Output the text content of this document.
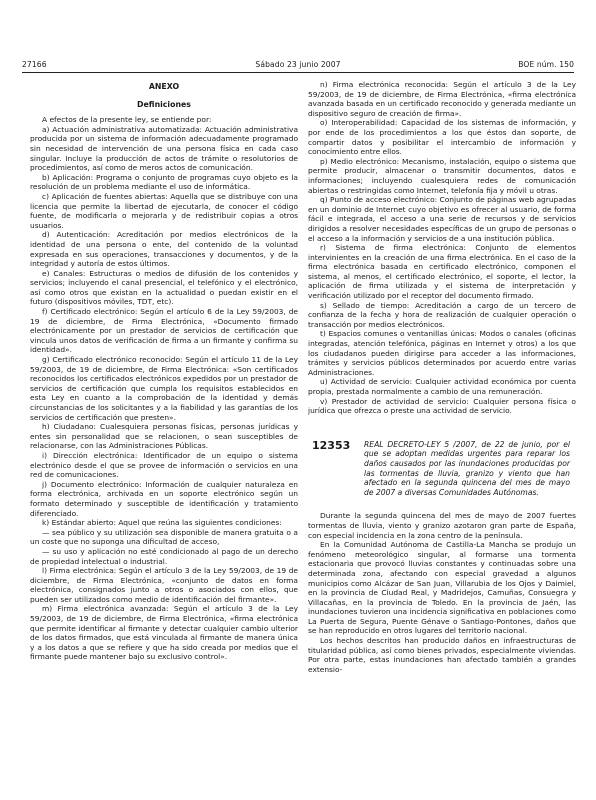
27166	Sábado 23 junio 2007	BOE núm. 150

ANEXO

Definiciones

A efectos de la presente ley, se entiende por:

a) Actuación administrativa automatizada: Actuación administrativa producida por un sistema de información adecuadamente programado sin necesidad de intervención de una persona física en cada caso singular. Incluye la producción de actos de trámite o resolutorios de procedimientos, así como de meros actos de comunicación.

b) Aplicación: Programa o conjunto de programas cuyo objeto es la resolución de un problema mediante el uso de informática.

c) Aplicación de fuentes abiertas: Aquella que se distribuye con una licencia que permite la libertad de ejecutarla, de conocer el código fuente, de modificarla o mejorarla y de redistribuir copias a otros usuarios.

d) Autenticación: Acreditación por medios electrónicos de la identidad de una persona o ente, del contenido de la voluntad expresada en sus operaciones, transacciones y documentos, y de la integridad y autoría de estos últimos.

e) Canales: Estructuras o medios de difusión de los contenidos y servicios; incluyendo el canal presencial, el telefónico y el electrónico, así como otros que existan en la actualidad o puedan existir en el futuro (dispositivos móviles, TDT, etc).

f) Certificado electrónico: Según el artículo 6 de la Ley 59/2003, de 19 de diciembre, de Firma Electrónica, «Documento firmado electrónicamente por un prestador de servicios de certificación que vincula unos datos de verificación de firma a un firmante y confirma su identidad».

g) Certificado electrónico reconocido: Según el artículo 11 de la Ley 59/2003, de 19 de diciembre, de Firma Electrónica: «Son certificados reconocidos los certificados electrónicos expedidos por un prestador de servicios de certificación que cumpla los requisitos establecidos en esta Ley en cuanto a la comprobación de la identidad y demás circunstancias de los solicitantes y a la fiabilidad y las garantías de los servicios de certificación que presten».

h) Ciudadano: Cualesquiera personas físicas, personas jurídicas y entes sin personalidad que se relacionen, o sean susceptibles de relacionarse, con las Administraciones Públicas.

i) Dirección electrónica: Identificador de un equipo o sistema electrónico desde el que se provee de información o servicios en una red de comunicaciones.

j) Documento electrónico: Información de cualquier naturaleza en forma electrónica, archivada en un soporte electrónico según un formato determinado y susceptible de identificación y tratamiento diferenciado.

k) Estándar abierto: Aquel que reúna las siguientes condiciones:

— sea público y su utilización sea disponible de manera gratuita o a un coste que no suponga una dificultad de acceso,

— su uso y aplicación no esté condicionado al pago de un derecho de propiedad intelectual o industrial.

l) Firma electrónica: Según el artículo 3 de la Ley 59/2003, de 19 de diciembre, de Firma Electrónica, «conjunto de datos en forma electrónica, consignados junto a otros o asociados con ellos, que pueden ser utilizados como medio de identificación del firmante».

m) Firma electrónica avanzada: Según el artículo 3 de la Ley 59/2003, de 19 de diciembre, de Firma Electrónica, «firma electrónica que permite identificar al firmante y detectar cualquier cambio ulterior de los datos firmados, que está vinculada al firmante de manera única y a los datos a que se refiere y que ha sido creada por medios que el firmante puede mantener bajo su exclusivo control».

n) Firma electrónica reconocida: Según el artículo 3 de la Ley 59/2003, de 19 de diciembre, de Firma Electrónica, «firma electrónica avanzada basada en un certificado reconocido y generada mediante un dispositivo seguro de creación de firma».

o) Interoperabilidad: Capacidad de los sistemas de información, y por ende de los procedimientos a los que éstos dan soporte, de compartir datos y posibilitar el intercambio de información y conocimiento entre ellos.

p) Medio electrónico: Mecanismo, instalación, equipo o sistema que permite producir, almacenar o transmitir documentos, datos e informaciones; incluyendo cualesquiera redes de comunicación abiertas o restringidas como Internet, telefonía fija y móvil u otras.

q) Punto de acceso electrónico: Conjunto de páginas web agrupadas en un dominio de Internet cuyo objetivo es ofrecer al usuario, de forma fácil e integrada, el acceso a una serie de recursos y de servicios dirigidos a resolver necesidades específicas de un grupo de personas o el acceso a la información y servicios de a una institución pública.

r) Sistema de firma electrónica: Conjunto de elementos intervinientes en la creación de una firma electrónica. En el caso de la firma electrónica basada en certificado electrónico, componen el sistema, al menos, el certificado electrónico, el soporte, el lector, la aplicación de firma utilizada y el sistema de interpretación y verificación utilizado por el receptor del documento firmado.

s) Sellado de tiempo: Acreditación a cargo de un tercero de confianza de la fecha y hora de realización de cualquier operación o transacción por medios electrónicos.

t) Espacios comunes o ventanillas únicas: Modos o canales (oficinas integradas, atención telefónica, páginas en Internet y otros) a los que los ciudadanos pueden dirigirse para acceder a las informaciones, trámites y servicios públicos determinados por acuerdo entre varias Administraciones.

u) Actividad de servicio: Cualquier actividad económica por cuenta propia, prestada normalmente a cambio de una remuneración.

v) Prestador de actividad de servicio: Cualquier persona física o jurídica que ofrezca o preste una actividad de servicio.

12353	REAL DECRETO-LEY 5 /2007, de 22 de junio, por el que se adoptan medidas urgentes para reparar los daños causados por las inundaciones producidas por las tormentas de lluvia, granizo y viento que han afectado en la segunda quincena del mes de mayo de 2007 a diversas Comunidades Autónomas.

Durante la segunda quincena del mes de mayo de 2007 fuertes tormentas de lluvia, viento y granizo azotaron gran parte de España, con especial incidencia en la zona centro de la península.

En la Comunidad Autónoma de Castilla-La Mancha se produjo un fenómeno meteorológico singular, al formarse una tormenta estacionaria que provocó lluvias constantes y continuadas sobre una determinada zona, afectando con especial gravedad a algunos municipios como Alcázar de San Juan, Villarubia de los Ojos y Daimiel, en la provincia de Ciudad Real, y Madridejos, Camuñas, Consuegra y Villacañas, en la provincia de Toledo. En la provincia de Jaén, las inundaciones tuvieron una incidencia significativa en poblaciones como La Puerta de Segura, Puente Génave o Santiago-Pontones, daños que se han reproducido en otros lugares del territorio nacional.

Los hechos descritos han producido daños en infraestructuras de titularidad pública, así como bienes privados, especialmente viviendas. Por otra parte, estas inundaciones han afectado también a grandes extensio-
